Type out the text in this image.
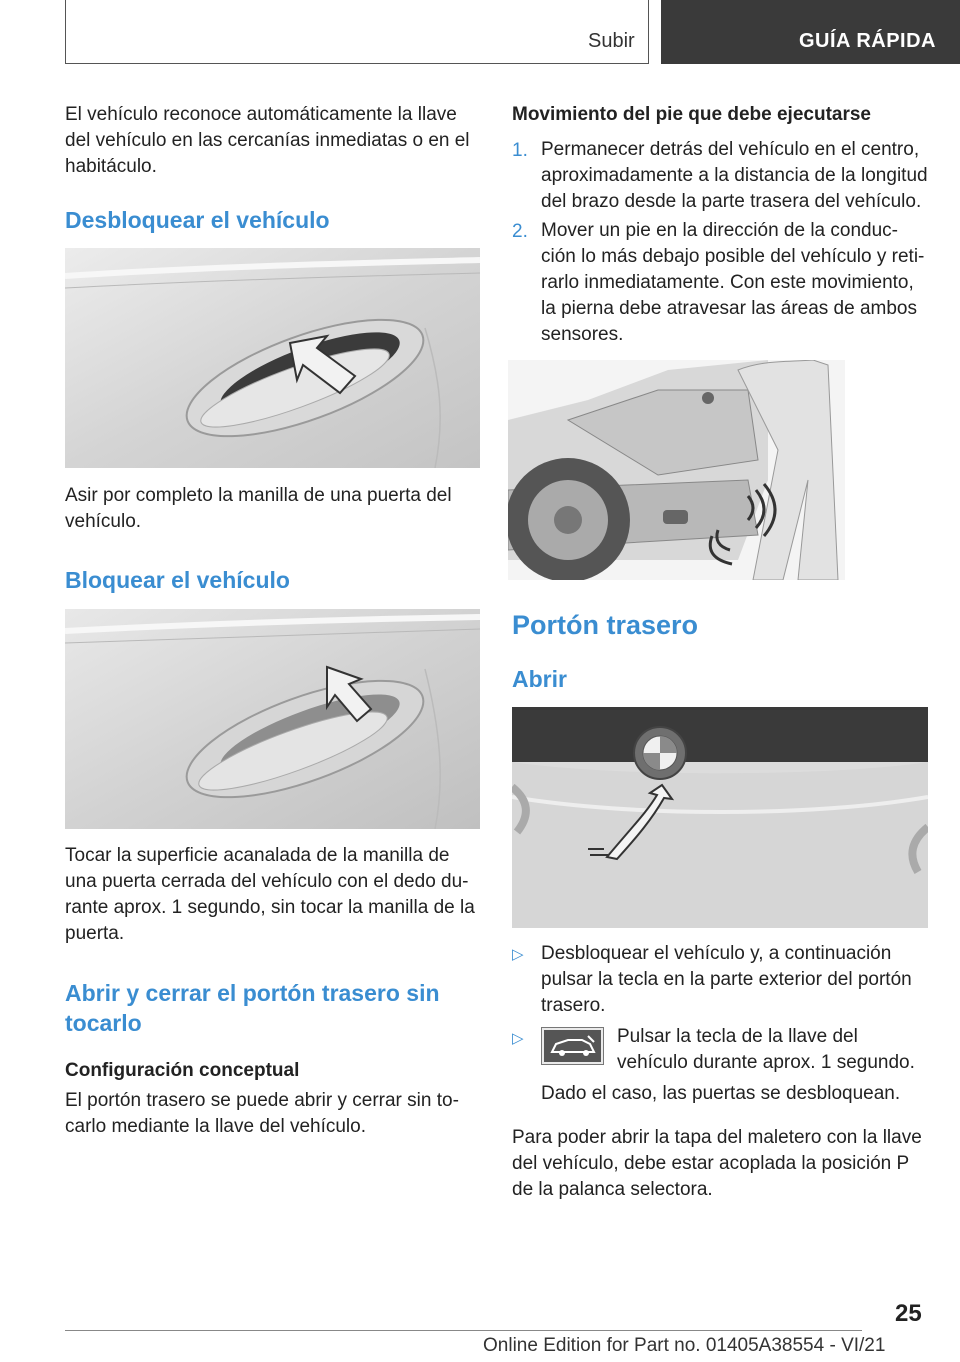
Subir	GUÍA RÁPIDA

El vehículo reconoce automáticamente la llave del vehículo en las cercanías inmediatas o en el habitáculo.

Desbloquear el vehículo

Asir por completo la manilla de una puerta del vehículo.

Bloquear el vehículo

Tocar la superficie acanalada de la manilla de una puerta cerrada del vehículo con el dedo du-rante aprox. 1 segundo, sin tocar la manilla de la puerta.

Abrir y cerrar el portón trasero sin tocarlo
Configuración conceptual

El portón trasero se puede abrir y cerrar sin to-carlo mediante la llave del vehículo.

Movimiento del pie que debe ejecutarse
1. Permanecer detrás del vehículo en el centro, aproximadamente a la distancia de la longitud del brazo desde la parte trasera del vehículo.

2. Mover un pie en la dirección de la conduc-ción lo más debajo posible del vehículo y reti-rarlo inmediatamente. Con este movimiento, la pierna debe atravesar las áreas de ambos sensores.

Portón trasero
Abrir
▷ Desbloquear el vehículo y, a continuación pulsar la tecla en la parte exterior del portón trasero.

▷	Pulsar la tecla de la llave del vehículo durante aprox. 1 segundo.

Dado el caso, las puertas se desbloquean.

Para poder abrir la tapa del maletero con la llave del vehículo, debe estar acoplada la posición P de la palanca selectora.

25
Online Edition for Part no. 01405A38554 - VI/21
